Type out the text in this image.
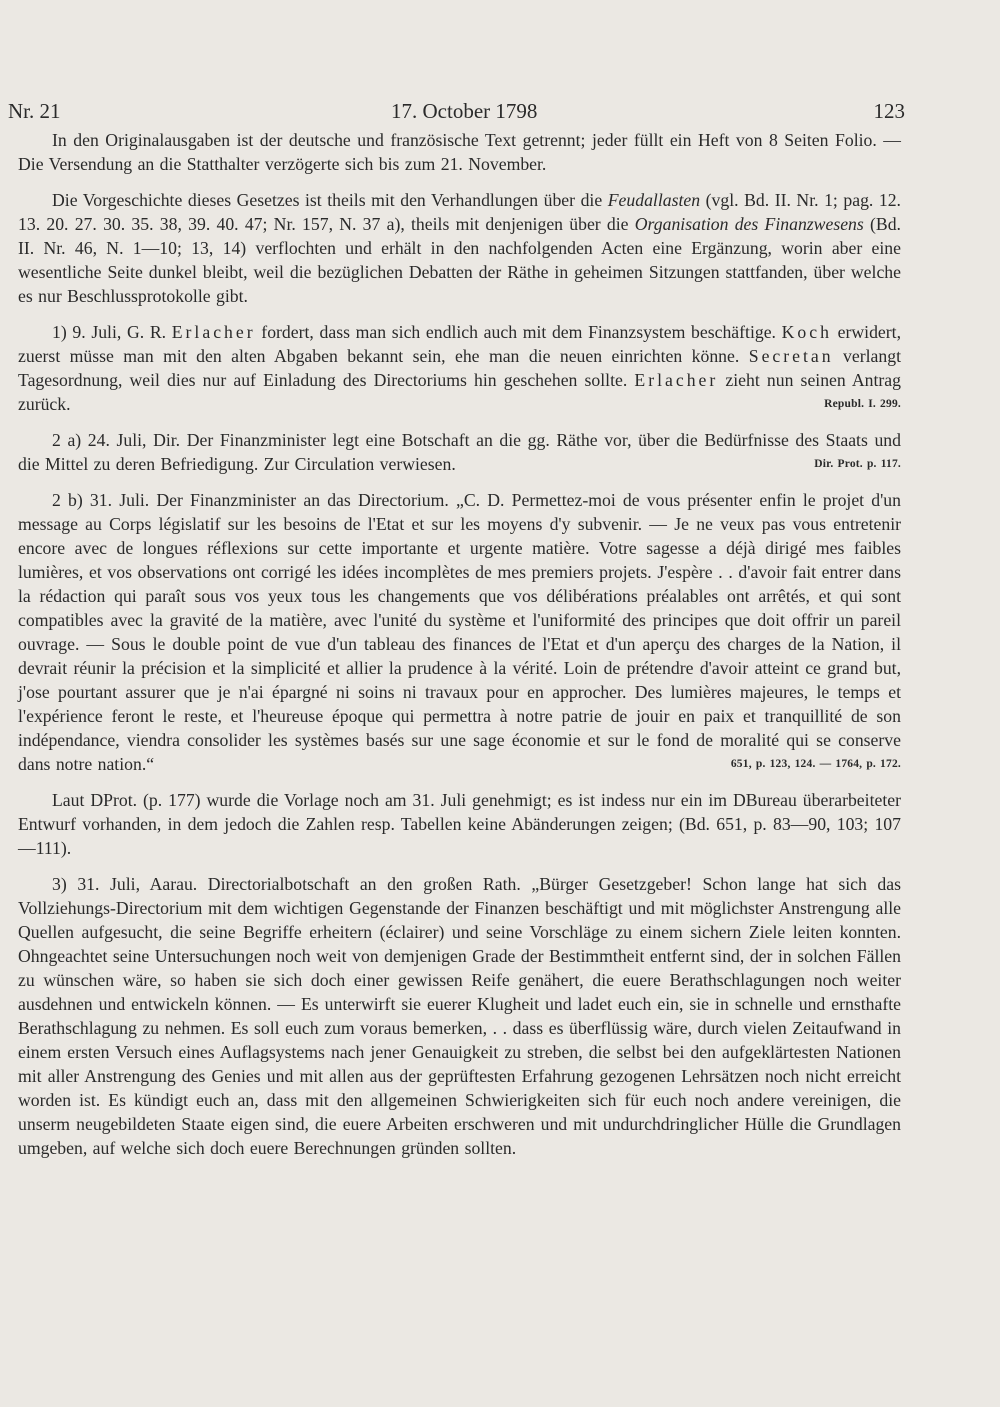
Nr. 21	17. October 1798	123

In den Originalausgaben ist der deutsche und französische Text getrennt; jeder füllt ein Heft von 8 Seiten Folio. — Die Versendung an die Statthalter verzögerte sich bis zum 21. November.

Die Vorgeschichte dieses Gesetzes ist theils mit den Verhandlungen über die Feudallasten (vgl. Bd. II. Nr. 1; pag. 12. 13. 20. 27. 30. 35. 38, 39. 40. 47; Nr. 157, N. 37 a), theils mit denjenigen über die Organisation des Finanzwesens (Bd. II. Nr. 46, N. 1—10; 13, 14) verflochten und erhält in den nachfolgenden Acten eine Ergänzung, worin aber eine wesentliche Seite dunkel bleibt, weil die bezüglichen Debatten der Räthe in geheimen Sitzungen stattfanden, über welche es nur Beschlussprotokolle gibt.

1) 9. Juli, G. R. Erlacher fordert, dass man sich endlich auch mit dem Finanzsystem beschäftige. Koch erwidert, zuerst müsse man mit den alten Abgaben bekannt sein, ehe man die neuen einrichten könne. Secretan verlangt Tagesordnung, weil dies nur auf Einladung des Directoriums hin geschehen sollte. Erlacher zieht nun seinen Antrag zurück.	Republ. I. 299.

2 a) 24. Juli, Dir. Der Finanzminister legt eine Botschaft an die gg. Räthe vor, über die Bedürfnisse des Staats und die Mittel zu deren Befriedigung. Zur Circulation verwiesen.	Dir. Prot. p. 117.

2 b) 31. Juli. Der Finanzminister an das Directorium. „C. D. Permettez-moi de vous présenter enfin le projet d'un message au Corps législatif sur les besoins de l'Etat et sur les moyens d'y subvenir. — Je ne veux pas vous entretenir encore avec de longues réflexions sur cette importante et urgente matière. Votre sagesse a déjà dirigé mes faibles lumières, et vos observations ont corrigé les idées incomplètes de mes premiers projets. J'espère . . d'avoir fait entrer dans la rédaction qui paraît sous vos yeux tous les changements que vos délibérations préalables ont arrêtés, et qui sont compatibles avec la gravité de la matière, avec l'unité du système et l'uniformité des principes que doit offrir un pareil ouvrage. — Sous le double point de vue d'un tableau des finances de l'Etat et d'un aperçu des charges de la Nation, il devrait réunir la précision et la simplicité et allier la prudence à la vérité. Loin de prétendre d'avoir atteint ce grand but, j'ose pourtant assurer que je n'ai épargné ni soins ni travaux pour en approcher. Des lumières majeures, le temps et l'expérience feront le reste, et l'heureuse époque qui permettra à notre patrie de jouir en paix et tranquillité de son indépendance, viendra consolider les systèmes basés sur une sage économie et sur le fond de moralité qui se conserve dans notre nation.“	651, p. 123, 124. — 1764, p. 172.

Laut DProt. (p. 177) wurde die Vorlage noch am 31. Juli genehmigt; es ist indess nur ein im DBureau überarbeiteter Entwurf vorhanden, in dem jedoch die Zahlen resp. Tabellen keine Abänderungen zeigen; (Bd. 651, p. 83—90, 103; 107—111).

3) 31. Juli, Aarau. Directorialbotschaft an den großen Rath. „Bürger Gesetzgeber! Schon lange hat sich das Vollziehungs-Directorium mit dem wichtigen Gegenstande der Finanzen beschäftigt und mit möglichster Anstrengung alle Quellen aufgesucht, die seine Begriffe erheitern (éclairer) und seine Vorschläge zu einem sichern Ziele leiten konnten. Ohngeachtet seine Untersuchungen noch weit von demjenigen Grade der Bestimmtheit entfernt sind, der in solchen Fällen zu wünschen wäre, so haben sie sich doch einer gewissen Reife genähert, die euere Berathschlagungen noch weiter ausdehnen und entwickeln können. — Es unterwirft sie euerer Klugheit und ladet euch ein, sie in schnelle und ernsthafte Berathschlagung zu nehmen. Es soll euch zum voraus bemerken, . . dass es überflüssig wäre, durch vielen Zeitaufwand in einem ersten Versuch eines Auflagsystems nach jener Genauigkeit zu streben, die selbst bei den aufgeklärtesten Nationen mit aller Anstrengung des Genies und mit allen aus der geprüftesten Erfahrung gezogenen Lehrsätzen noch nicht erreicht worden ist. Es kündigt euch an, dass mit den allgemeinen Schwierigkeiten sich für euch noch andere vereinigen, die unserm neugebildeten Staate eigen sind, die euere Arbeiten erschweren und mit undurchdringlicher Hülle die Grundlagen umgeben, auf welche sich doch euere Berechnungen gründen sollten.
